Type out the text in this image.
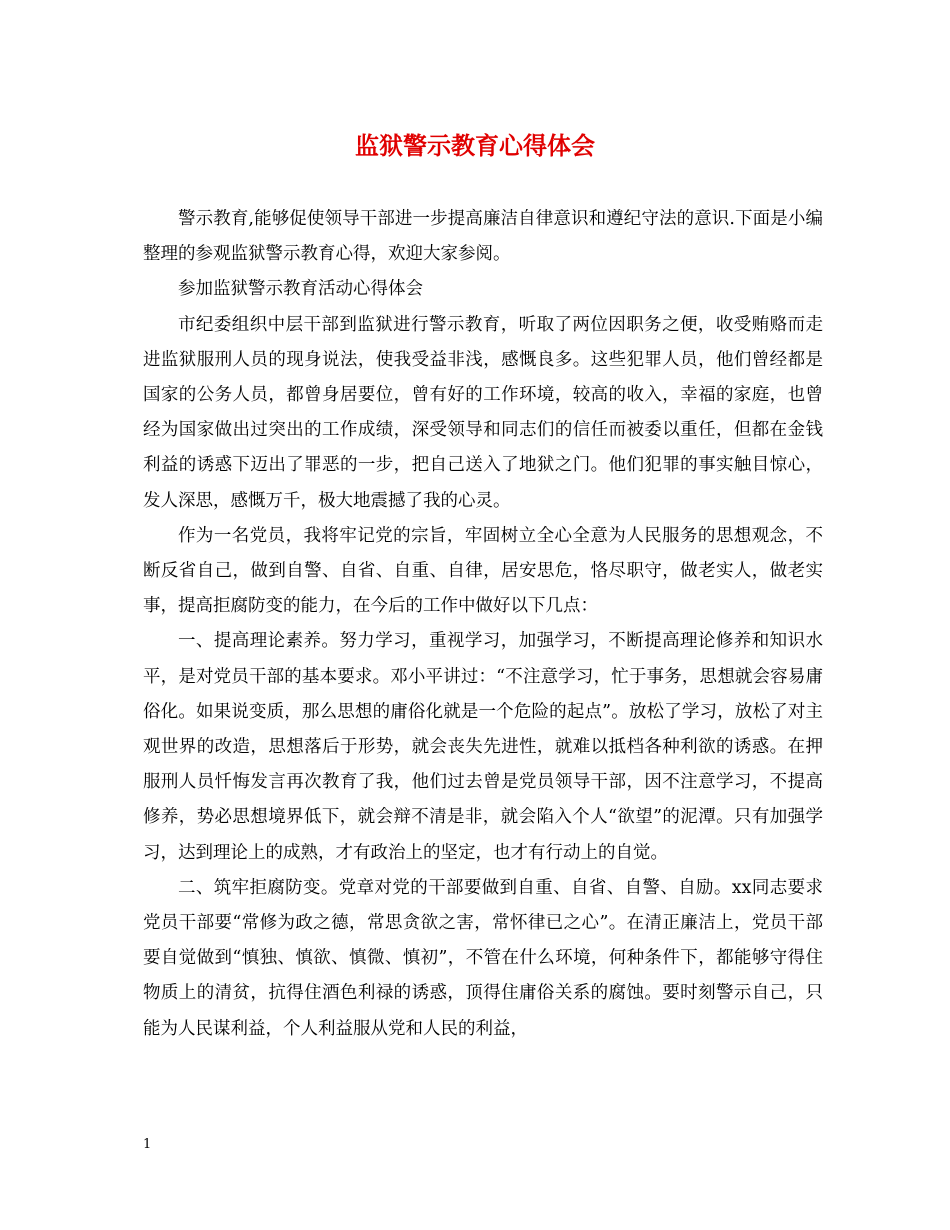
监狱警示教育心得体会

警示教育,能够促使领导干部进一步提高廉洁自律意识和遵纪守法的意识.下面是小编整理的参观监狱警示教育心得，欢迎大家参阅。

参加监狱警示教育活动心得体会

市纪委组织中层干部到监狱进行警示教育，听取了两位因职务之便，收受贿赂而走进监狱服刑人员的现身说法，使我受益非浅，感慨良多。这些犯罪人员，他们曾经都是国家的公务人员，都曾身居要位，曾有好的工作环境，较高的收入，幸福的家庭，也曾经为国家做出过突出的工作成绩，深受领导和同志们的信任而被委以重任，但都在金钱利益的诱惑下迈出了罪恶的一步，把自己送入了地狱之门。他们犯罪的事实触目惊心，发人深思，感慨万千，极大地震撼了我的心灵。

作为一名党员，我将牢记党的宗旨，牢固树立全心全意为人民服务的思想观念，不断反省自己，做到自警、自省、自重、自律，居安思危，恪尽职守，做老实人，做老实事，提高拒腐防变的能力，在今后的工作中做好以下几点：

一、提高理论素养。努力学习，重视学习，加强学习，不断提高理论修养和知识水平，是对党员干部的基本要求。邓小平讲过：“不注意学习，忙于事务，思想就会容易庸俗化。如果说变质，那么思想的庸俗化就是一个危险的起点”。放松了学习，放松了对主观世界的改造，思想落后于形势，就会丧失先进性，就难以抵档各种利欲的诱惑。在押服刑人员忏悔发言再次教育了我，他们过去曾是党员领导干部，因不注意学习，不提高修养，势必思想境界低下，就会辩不清是非，就会陷入个人“欲望”的泥潭。只有加强学习，达到理论上的成熟，才有政治上的坚定，也才有行动上的自觉。

二、筑牢拒腐防变。党章对党的干部要做到自重、自省、自警、自励。xx同志要求党员干部要“常修为政之德，常思贪欲之害，常怀律已之心”。在清正廉洁上，党员干部要自觉做到“慎独、慎欲、慎微、慎初”，不管在什么环境，何种条件下，都能够守得住物质上的清贫，抗得住酒色利禄的诱惑，顶得住庸俗关系的腐蚀。要时刻警示自己，只能为人民谋利益，个人利益服从党和人民的利益，

1
